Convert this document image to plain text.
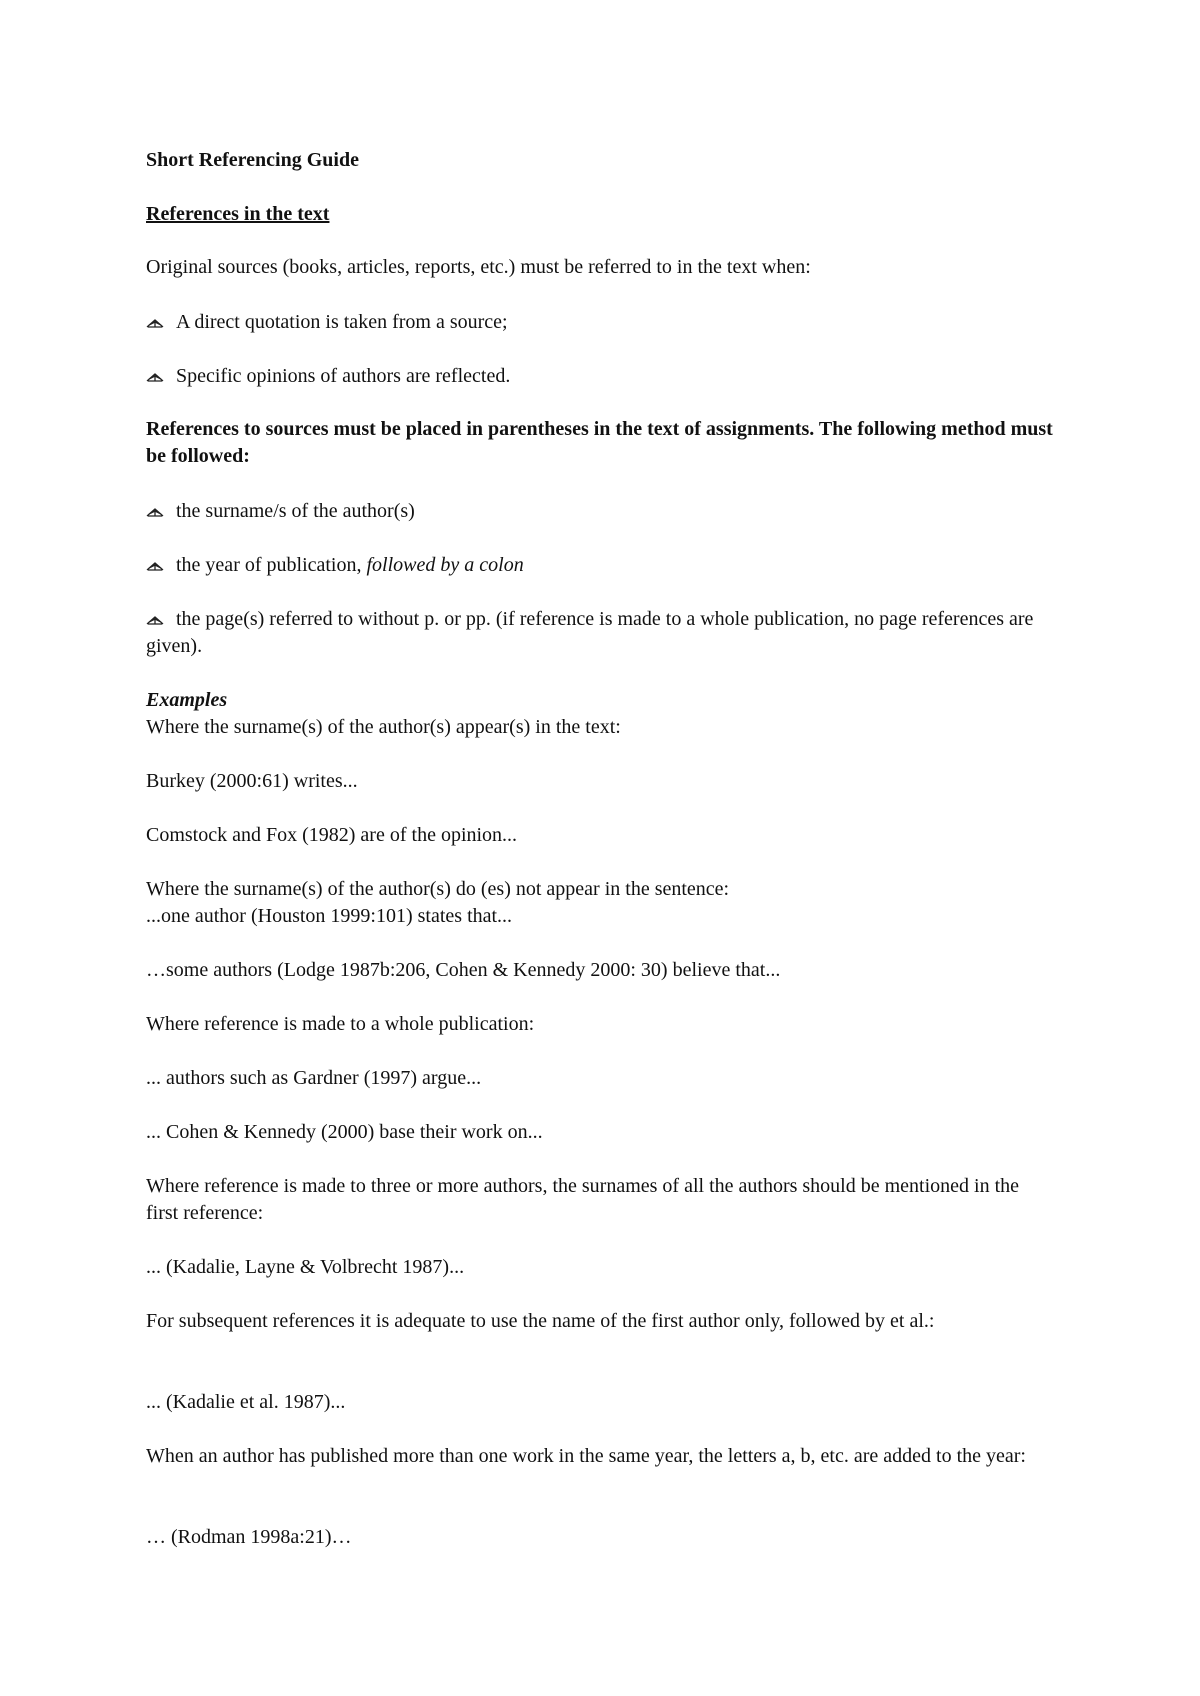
Short Referencing Guide

References in the text

Original sources (books, articles, reports, etc.) must be referred to in the text when:

A direct quotation is taken from a source;
Specific opinions of authors are reflected.

References to sources must be placed in parentheses in the text of assignments. The following method must be followed:

the surname/s of the author(s)
the year of publication, followed by a colon
the page(s) referred to without p. or pp. (if reference is made to a whole publication, no page references are given).

Examples

Where the surname(s) of the author(s) appear(s) in the text:

Burkey (2000:61) writes...

Comstock and Fox (1982) are of the opinion...

Where the surname(s) of the author(s) do (es) not appear in the sentence:

...one author (Houston 1999:101) states that...

…some authors (Lodge 1987b:206, Cohen & Kennedy 2000: 30) believe that...

Where reference is made to a whole publication:

... authors such as Gardner (1997) argue...

... Cohen & Kennedy (2000) base their work on...

Where reference is made to three or more authors, the surnames of all the authors should be mentioned in the first reference:

... (Kadalie, Layne & Volbrecht 1987)...

For subsequent references it is adequate to use the name of the first author only, followed by et al.:

... (Kadalie et al. 1987)...

When an author has published more than one work in the same year, the letters a, b, etc. are added to the year:

… (Rodman 1998a:21)…
